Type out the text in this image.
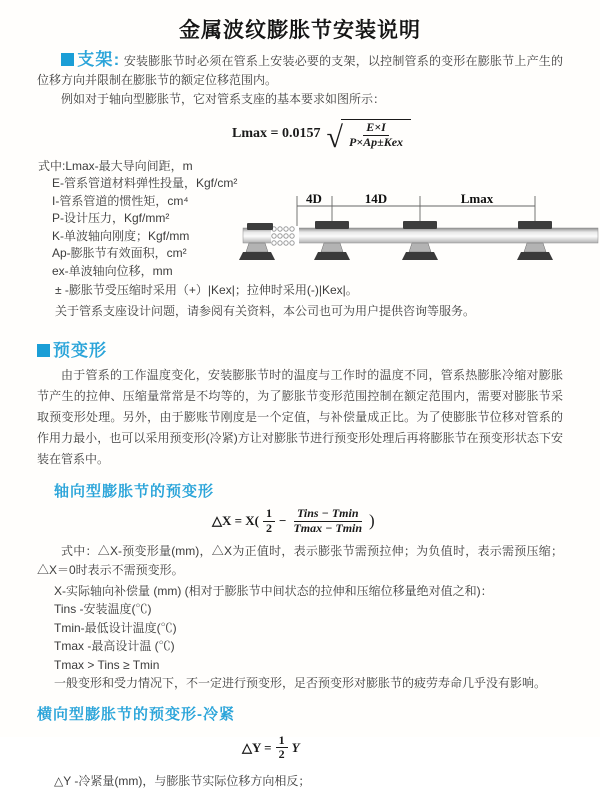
金属波纹膨胀节安装说明

支架: 安装膨胀节时必须在管系上安装必要的支架，以控制管系的变形在膨胀节上产生的位移方向并限制在膨胀节的额定位移范围内。

例如对于轴向型膨胀节，它对管系支座的基本要求如图所示：
Lmax
= 0.0157 √ $\frac{E\times I}{\text{P×Ap±Kex}}$
式中:Lmax-最大导向间距，m
E-管系管道材料弹性投量，Kgf/cm²
I-管系管道的惯性矩，cm⁴
P-设计压力，Kgf/mm²
K-单波轴向刚度；Kgf/mm
Ap-膨胀节有效面积，cm²
ex-单波轴向位移，mm
± -膨胀节受压缩时采用（+）|Kex|；拉伸时采用(-)|Kex|。
关于管系支座设计问题，请参阅有关资料，本公司也可为用户提供咨询等服务。
4D	14D	Lmax
预变形

由于管系的工作温度变化，安装膨胀节时的温度与工作时的温度不同，管系热膨胀冷缩对膨胀节产生的拉伸、压缩量常常是不均等的，为了膨胀节变形范围控制在额定范围内，需要对膨胀节采取预变形处理。另外，由于膨账节刚度是一个定值，与补偿量成正比。为了使膨胀节位移对管系的作用力最小，也可以采用预变形(冷紧)方让对膨胀节进行预变形处理后再将膨胀节在预变形状态下安装在管系中。

轴向型膨胀节的预变形
△X = $X( \frac{1}{2} - \frac{\text{Tins − Tmin}}{Tmax - Tmin}$ )

式中：△X-预变形量(mm)，△X为正值时，表示膨张节需预拉伸；为负值时，表示需预压缩；△X＝0时表示不需预变形。

X-实际轴向补偿量 (mm) (相对于膨胀节中间状态的拉伸和压缩位移量绝对值之和)：
Tins -安装温度(℃)
Tmin-最低设计温度(℃)
Tmax -最高设计温 (℃)
Tmax > Tins ≥ Tmin
一般变形和受力情况下，不一定进行预变形，足否预变形对膨胀节的疲劳寿命几乎没有影响。
横向型膨胀节的预变形-冷紧
△Y = $\frac{1}{2}$ Y
△Y -冷紧量(mm)，与膨胀节实际位移方向相反；
